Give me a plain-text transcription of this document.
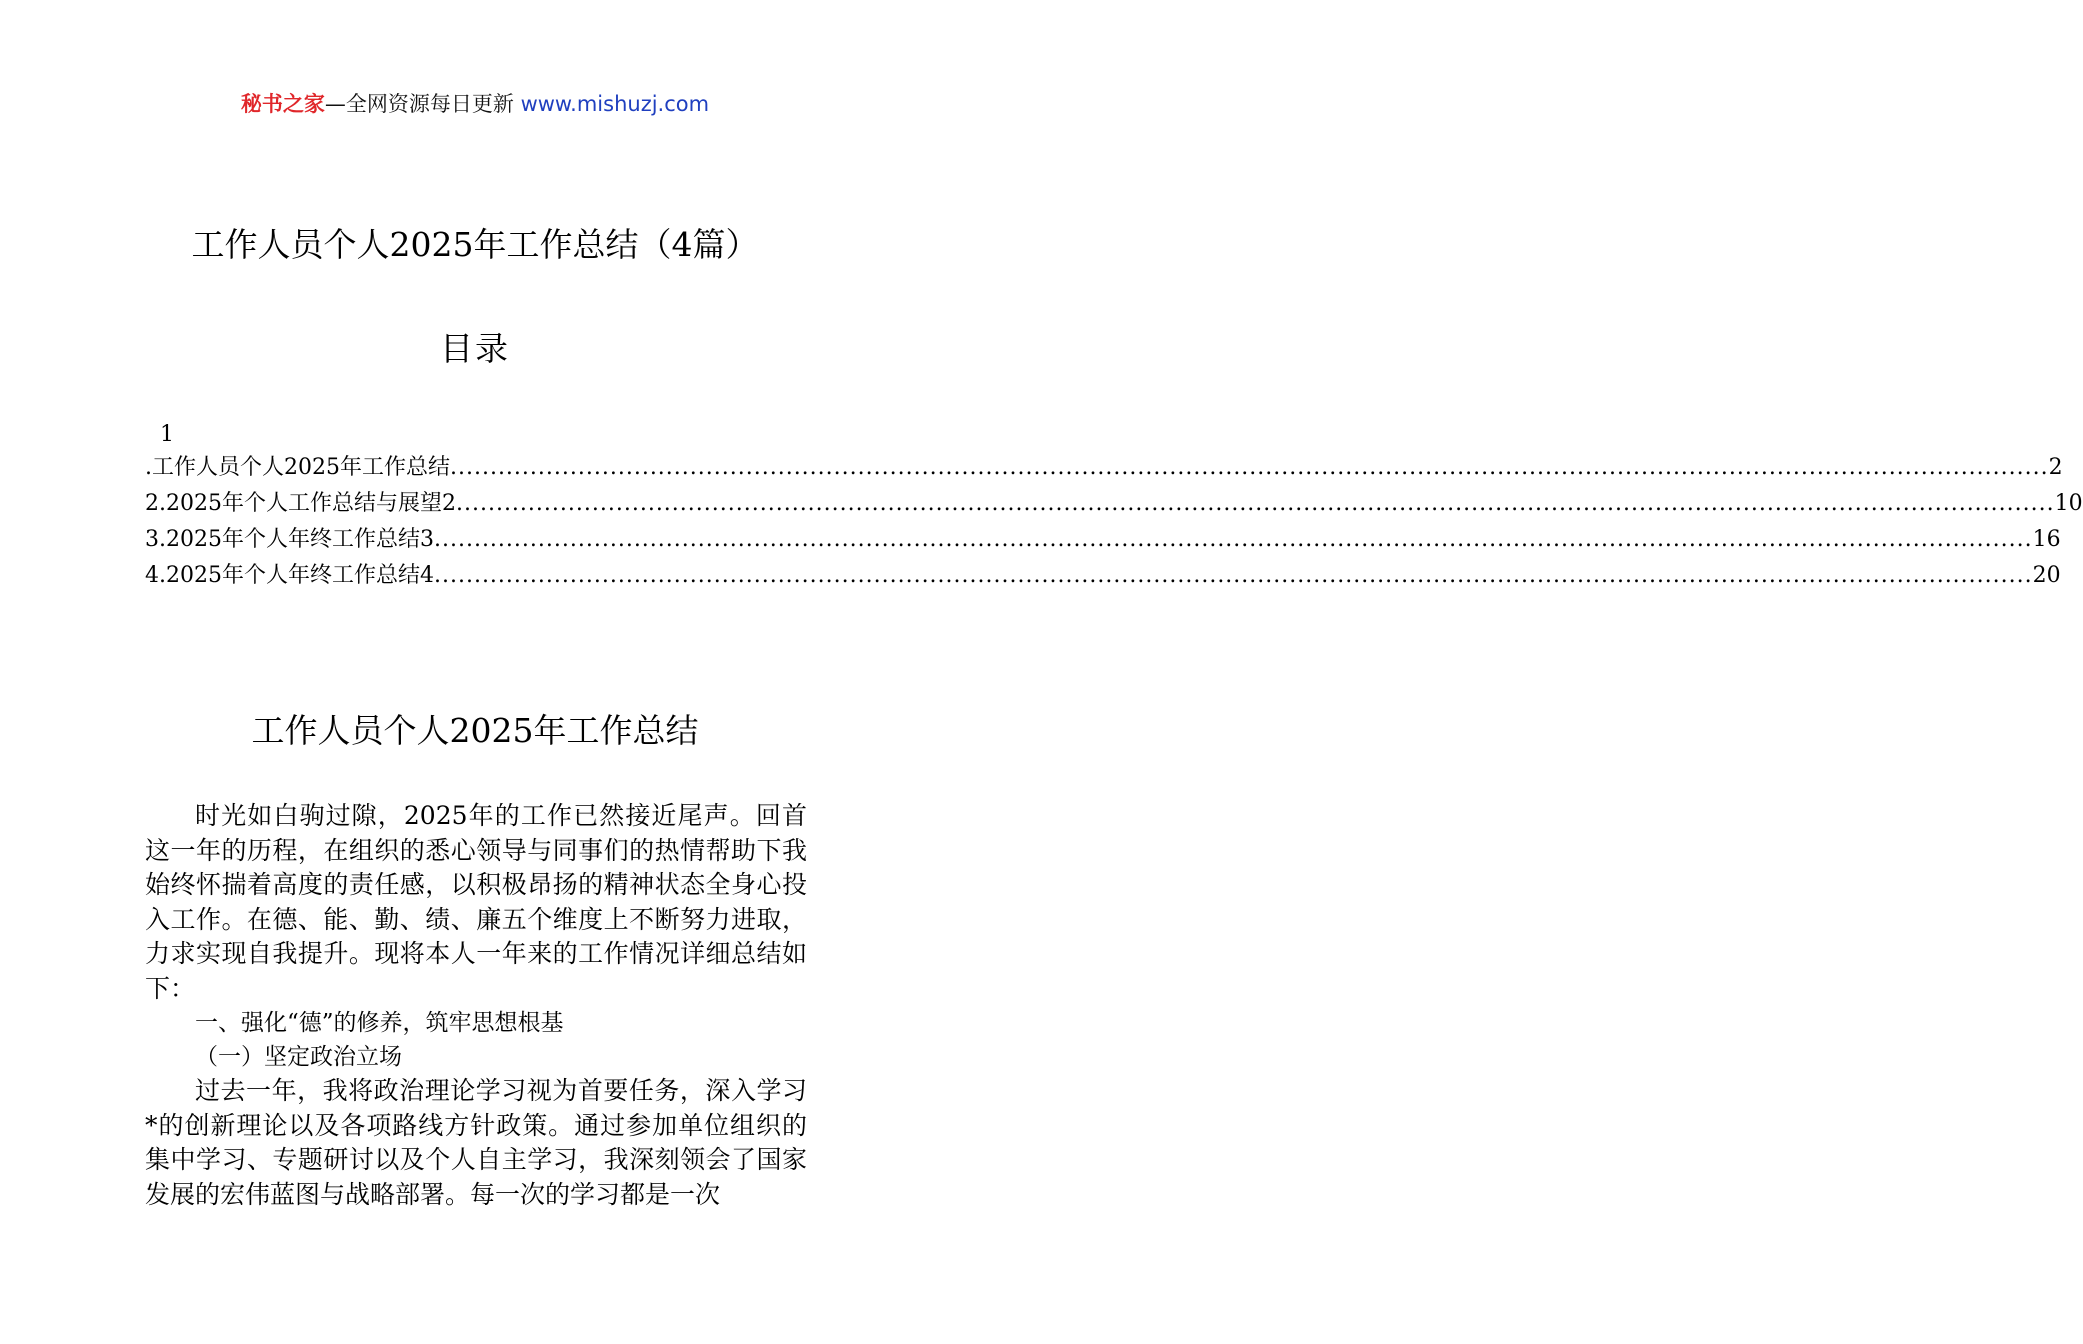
秘书之家—全网资源每日更新 www.mishuzj.com
工作人员个人2025年工作总结（4篇）
目录
1
.工作人员个人2025年工作总结 ........................................................................................................................................................................................................ 2
2.2025年个人工作总结与展望2 ........................................................................................................................................................................................................ 10
3.2025年个人年终工作总结3 ........................................................................................................................................................................................................ 16
4.2025年个人年终工作总结4 ........................................................................................................................................................................................................ 20
工作人员个人2025年工作总结

时光如白驹过隙，2025年的工作已然接近尾声。回首这一年的历程，在组织的悉心领导与同事们的热情帮助下我始终怀揣着高度的责任感，以积极昂扬的精神状态全身心投入工作。在德、能、勤、绩、廉五个维度上不断努力进取，力求实现自我提升。现将本人一年来的工作情况详细总结如下：

一、强化“德”的修养，筑牢思想根基

（一）坚定政治立场

过去一年，我将政治理论学习视为首要任务，深入学习*的创新理论以及各项路线方针政策。通过参加单位组织的集中学习、专题研讨以及个人自主学习，我深刻领会了国家发展的宏伟蓝图与战略部署。每一次的学习都是一次
